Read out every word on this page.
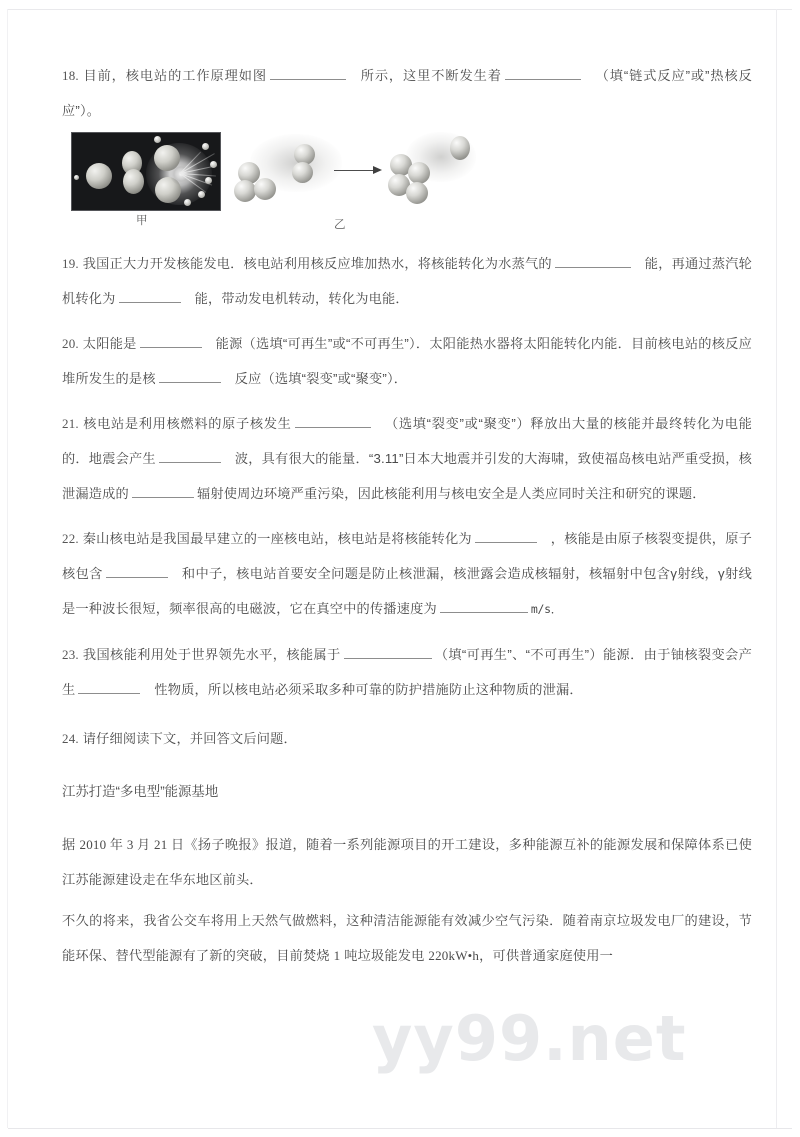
yy99.net
18. 目前，核电站的工作原理如图	所示，这里不断发生着	（填“链式反应”或”热核反应”）。
甲	乙
19. 我国正大力开发核能发电．核电站利用核反应堆加热水，将核能转化为水蒸气的	能，再通过蒸汽轮机转化为	能，带动发电机转动，转化为电能．
20. 太阳能是	能源（选填“可再生”或“不可再生”）．太阳能热水器将太阳能转化内能．目前核电站的核反应堆所发生的是核	反应（选填“裂变”或“聚变”）．
21. 核电站是利用核燃料的原子核发生	（选填“裂变”或“聚变”）释放出大量的核能并最终转化为电能的．地震会产生	波，具有很大的能量．“3.11”日本大地震并引发的大海啸，致使福岛核电站严重受损，核泄漏造成的	辐射使周边环境严重污染，因此核能利用与核电安全是人类应同时关注和研究的课题．
22. 秦山核电站是我国最早建立的一座核电站，核电站是将核能转化为	，核能是由原子核裂变提供，原子核包含	和中子，核电站首要安全问题是防止核泄漏，核泄露会造成核辐射，核辐射中包含γ射线，γ射线是一种波长很短，频率很高的电磁波，它在真空中的传播速度为	m/s．
23. 我国核能利用处于世界领先水平，核能属于	（填“可再生”、“不可再生”）能源．由于铀核裂变会产生	性物质，所以核电站必须采取多种可靠的防护措施防止这种物质的泄漏．
24. 请仔细阅读下文，并回答文后问题．
江苏打造“多电型”能源基地
据 2010 年 3 月 21 日《扬子晚报》报道，随着一系列能源项目的开工建设，多种能源互补的能源发展和保障体系已使江苏能源建设走在华东地区前头．
不久的将来，我省公交车将用上天然气做燃料，这种清洁能源能有效减少空气污染．随着南京垃圾发电厂的建设，节能环保、替代型能源有了新的突破，目前焚烧 1 吨垃圾能发电 220kW•h，可供普通家庭使用一
